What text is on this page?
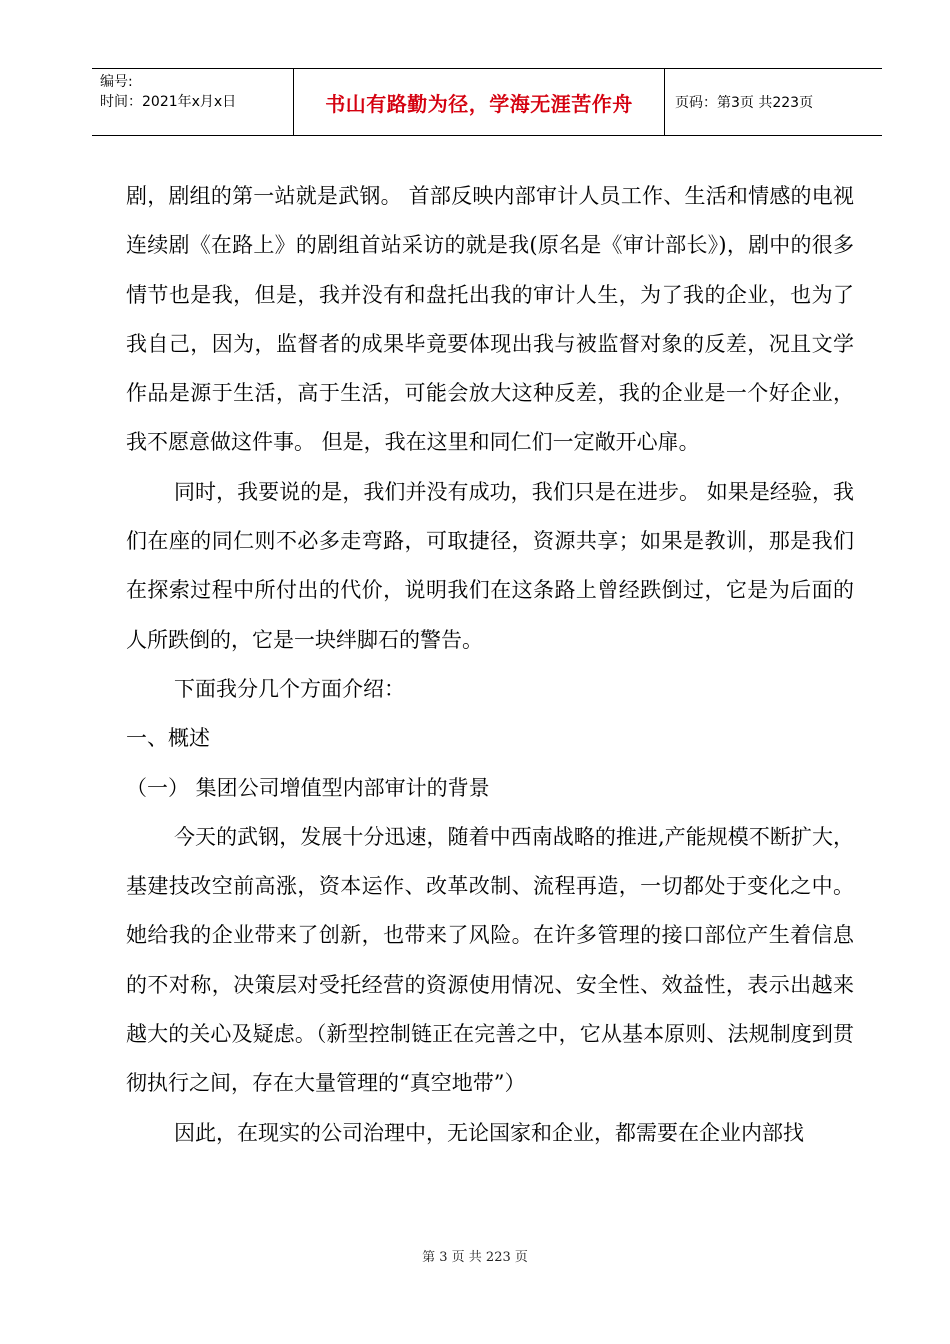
编号:
时间：2021年x月x日	书山有路勤为径，学海无涯苦作舟	页码：第3页 共223页

剧，剧组的第一站就是武钢。 首部反映内部审计人员工作、生活和情感的电视连续剧《在路上》的剧组首站采访的就是我(原名是《审计部长》)，剧中的很多情节也是我，但是，我并没有和盘托出我的审计人生，为了我的企业，也为了我自己，因为，监督者的成果毕竟要体现出我与被监督对象的反差，况且文学作品是源于生活，高于生活，可能会放大这种反差，我的企业是一个好企业，我不愿意做这件事。 但是，我在这里和同仁们一定敞开心扉。

同时，我要说的是，我们并没有成功，我们只是在进步。 如果是经验，我们在座的同仁则不必多走弯路，可取捷径，资源共享；如果是教训，那是我们在探索过程中所付出的代价，说明我们在这条路上曾经跌倒过，它是为后面的人所跌倒的，它是一块绊脚石的警告。

下面我分几个方面介绍：

一、概述

（一） 集团公司增值型内部审计的背景

今天的武钢，发展十分迅速，随着中西南战略的推进,产能规模不断扩大，基建技改空前高涨，资本运作、改革改制、流程再造，一切都处于变化之中。她给我的企业带来了创新，也带来了风险。在许多管理的接口部位产生着信息的不对称，决策层对受托经营的资源使用情况、安全性、效益性，表示出越来越大的关心及疑虑。（新型控制链正在完善之中，它从基本原则、法规制度到贯彻执行之间，存在大量管理的“真空地带”）

因此，在现实的公司治理中，无论国家和企业，都需要在企业内部找

第 3 页 共 223 页
